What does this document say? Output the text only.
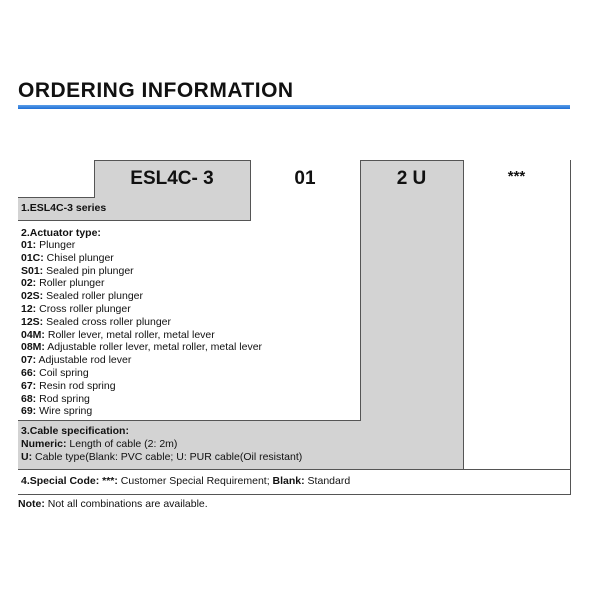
ORDERING INFORMATION
ESL4C- 3	01	2 U	***
1.ESL4C-3 series
2.Actuator type:
01: Plunger
01C: Chisel plunger
S01: Sealed pin plunger
02: Roller plunger
02S: Sealed roller plunger
12: Cross roller plunger
12S: Sealed cross roller plunger
04M: Roller lever, metal roller, metal lever
08M: Adjustable roller lever, metal roller, metal lever
07: Adjustable rod lever
66: Coil spring
67: Resin rod spring
68: Rod spring
69: Wire spring
3.Cable specification:
Numeric: Length of cable (2: 2m)
U: Cable type(Blank: PVC cable; U: PUR cable(Oil resistant)
4.Special Code: ***: Customer Special Requirement; Blank: Standard
Note: Not all combinations are available.
